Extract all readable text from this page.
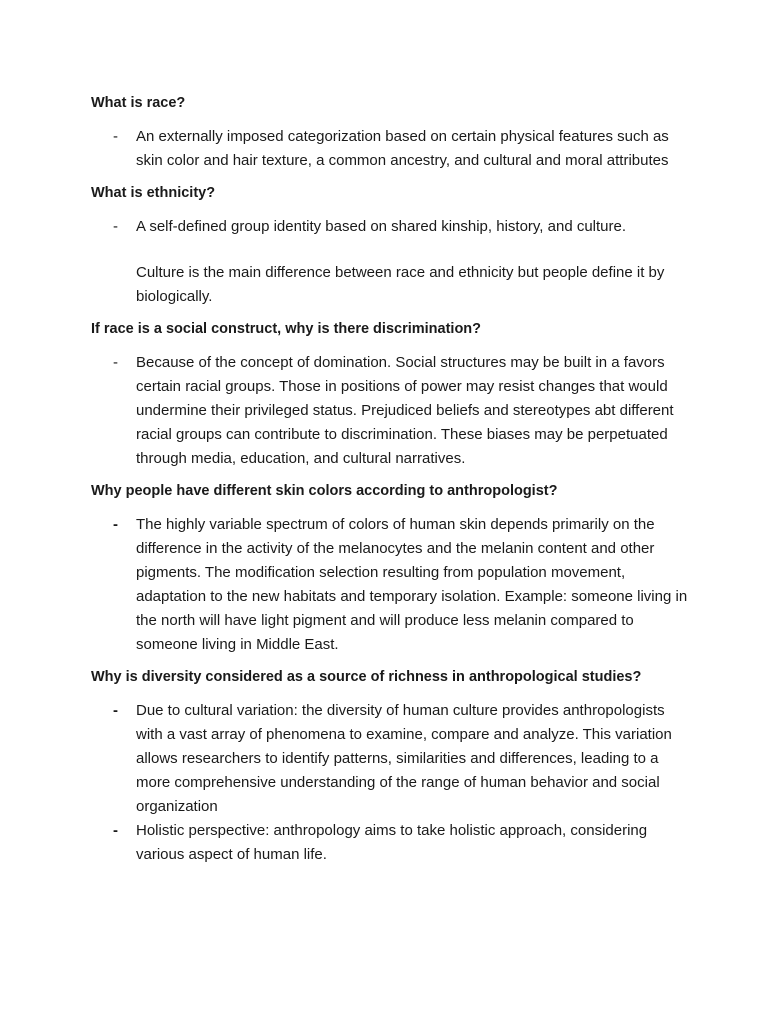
What is race?
- An externally imposed categorization based on certain physical features such as skin color and hair texture, a common ancestry, and cultural and moral attributes
What is ethnicity?
- A self-defined group identity based on shared kinship, history, and culture.
Culture is the main difference between race and ethnicity but people define it by biologically.
If race is a social construct, why is there discrimination?
- Because of the concept of domination. Social structures may be built in a favors certain racial groups. Those in positions of power may resist changes that would undermine their privileged status. Prejudiced beliefs and stereotypes abt different racial groups can contribute to discrimination. These biases may be perpetuated through media, education, and cultural narratives.
Why people have different skin colors according to anthropologist?
- The highly variable spectrum of colors of human skin depends primarily on the difference in the activity of the melanocytes and the melanin content and other pigments. The modification selection resulting from population movement, adaptation to the new habitats and temporary isolation. Example: someone living in the north will have light pigment and will produce less melanin compared to someone living in Middle East.
Why is diversity considered as a source of richness in anthropological studies?
- Due to cultural variation: the diversity of human culture provides anthropologists with a vast array of phenomena to examine, compare and analyze. This variation allows researchers to identify patterns, similarities and differences, leading to a more comprehensive understanding of the range of human behavior and social organization
- Holistic perspective: anthropology aims to take holistic approach, considering various aspect of human life.
